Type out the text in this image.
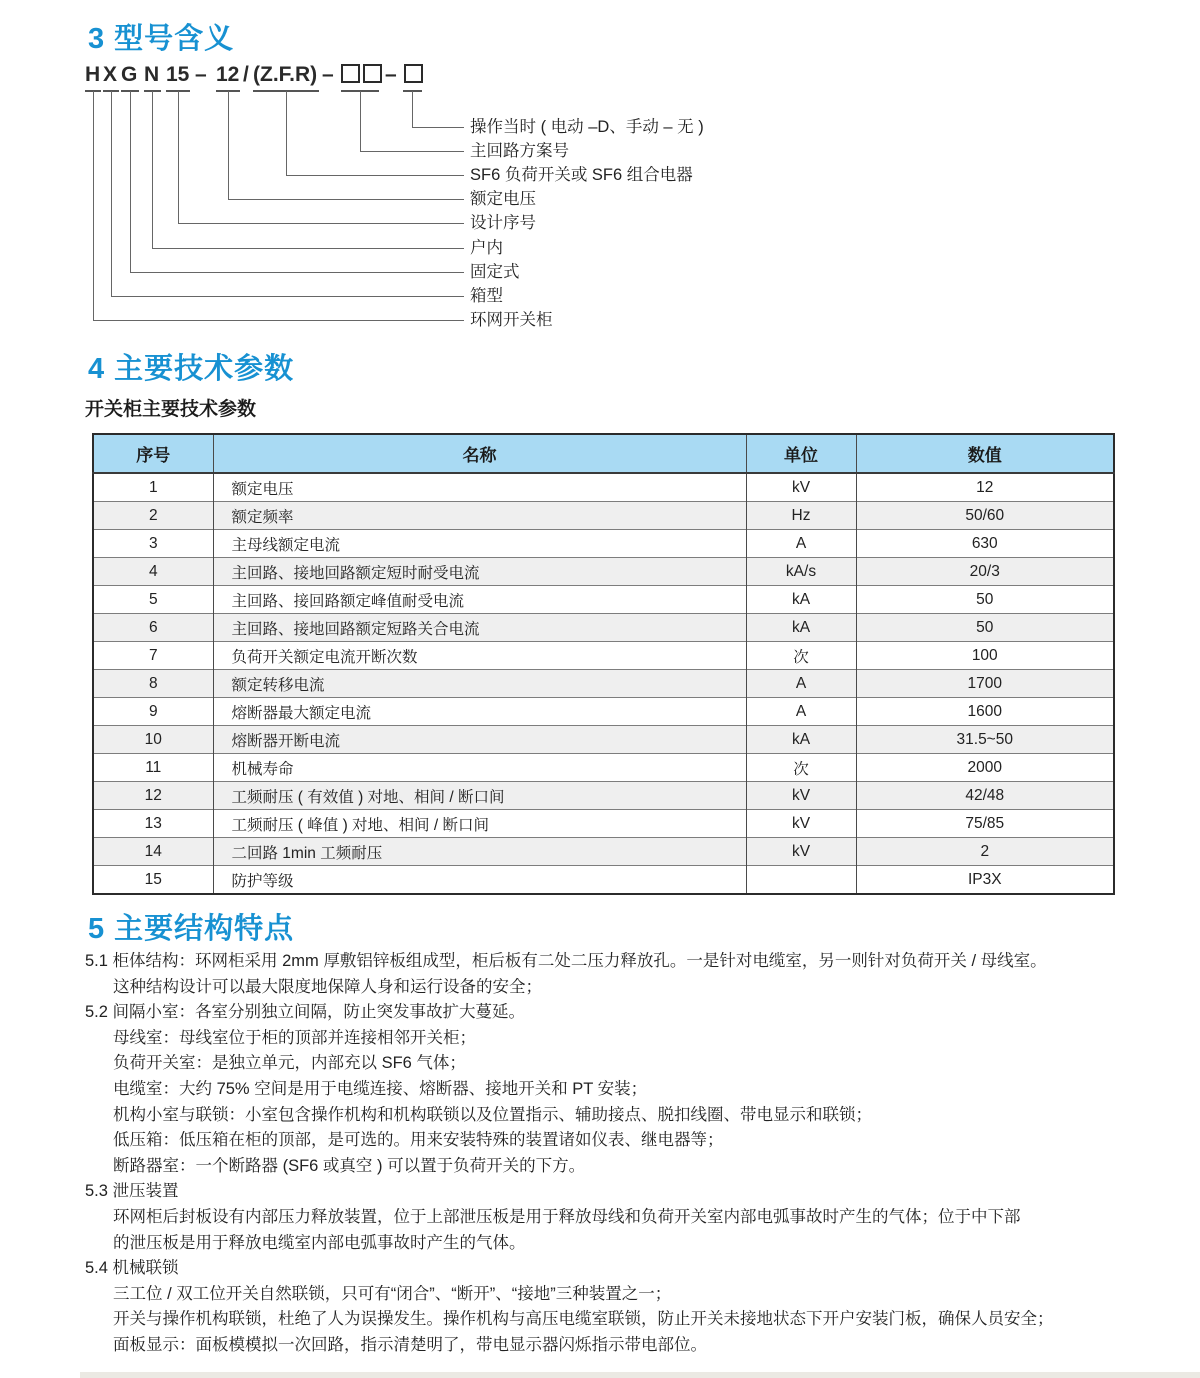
3 型号含义
H X G N 15 – 12 / (Z.F.R) – –
操作当时 ( 电动 –D、手动 – 无 )
主回路方案号
SF6 负荷开关或 SF6 组合电器
额定电压
设计序号
户内
固定式
箱型
环网开关柜
4 主要技术参数
开关柜主要技术参数
序号	名称	单位	数值
1	额定电压	kV	12
2	额定频率	Hz	50/60
3	主母线额定电流	A	630
4	主回路、接地回路额定短时耐受电流	kA/s	20/3
5	主回路、接回路额定峰值耐受电流	kA	50
6	主回路、接地回路额定短路关合电流	kA	50
7	负荷开关额定电流开断次数	次	100
8	额定转移电流	A	1700
9	熔断器最大额定电流	A	1600
10	熔断器开断电流	kA	31.5~50
11	机械寿命	次	2000
12	工频耐压 ( 有效值 ) 对地、相间 / 断口间	kV	42/48
13	工频耐压 ( 峰值 ) 对地、相间 / 断口间	kV	75/85
14	二回路 1min 工频耐压	kV	2
15	防护等级		IP3X
5 主要结构特点
5.1 柜体结构：环网柜采用 2mm 厚敷铝锌板组成型，柜后板有二处二压力释放孔。一是针对电缆室，另一则针对负荷开关 / 母线室。
这种结构设计可以最大限度地保障人身和运行设备的安全；
5.2 间隔小室：各室分别独立间隔，防止突发事故扩大蔓延。
母线室：母线室位于柜的顶部并连接相邻开关柜；
负荷开关室：是独立单元，内部充以 SF6 气体；
电缆室：大约 75% 空间是用于电缆连接、熔断器、接地开关和 PT 安装；
机构小室与联锁：小室包含操作机构和机构联锁以及位置指示、辅助接点、脱扣线圈、带电显示和联锁；
低压箱：低压箱在柜的顶部，是可选的。用来安装特殊的装置诸如仪表、继电器等；
断路器室：一个断路器 (SF6 或真空 ) 可以置于负荷开关的下方。
5.3 泄压装置
环网柜后封板设有内部压力释放装置，位于上部泄压板是用于释放母线和负荷开关室内部电弧事故时产生的气体；位于中下部
的泄压板是用于释放电缆室内部电弧事故时产生的气体。
5.4 机械联锁
三工位 / 双工位开关自然联锁，只可有“闭合”、“断开”、“接地”三种装置之一；
开关与操作机构联锁，杜绝了人为误操发生。操作机构与高压电缆室联锁，防止开关未接地状态下开户安装门板，确保人员安全；
面板显示：面板模模拟一次回路，指示清楚明了，带电显示器闪烁指示带电部位。
